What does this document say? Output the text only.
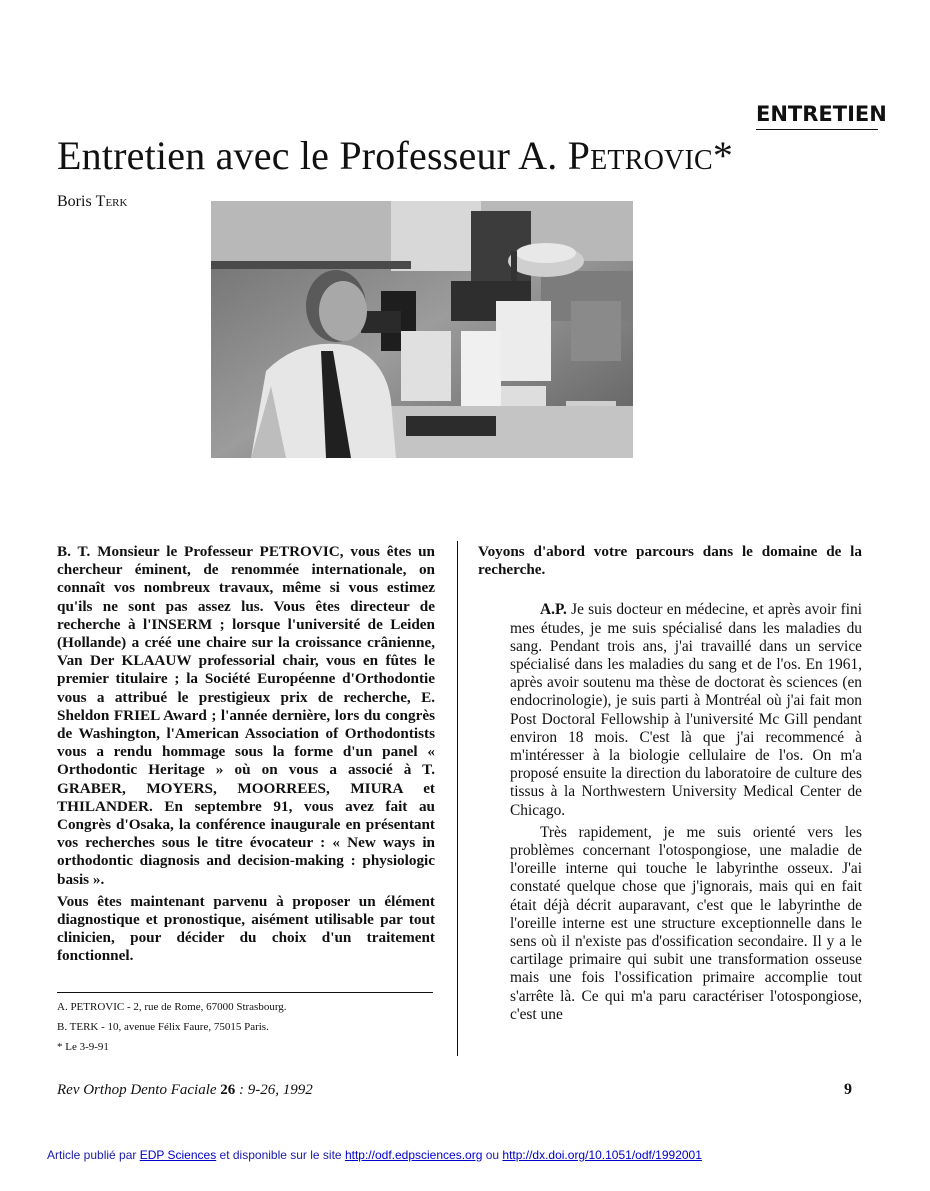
ENTRETIEN
Entretien avec le Professeur A. Petrovic*
Boris Terk

B. T. Monsieur le Professeur PETROVIC, vous êtes un chercheur éminent, de renommée internationale, on connaît vos nombreux travaux, même si vous estimez qu'ils ne sont pas assez lus. Vous êtes directeur de recherche à l'INSERM ; lorsque l'université de Leiden (Hollande) a créé une chaire sur la croissance crânienne, Van Der KLAAUW professorial chair, vous en fûtes le premier titulaire ; la Société Européenne d'Orthodontie vous a attribué le prestigieux prix de recherche, E. Sheldon FRIEL Award ; l'année dernière, lors du congrès de Washington, l'American Association of Orthodontists vous a rendu hommage sous la forme d'un panel « Orthodontic Heritage » où on vous a associé à T. GRABER, MOYERS, MOORREES, MIURA et THILANDER. En septembre 91, vous avez fait au Congrès d'Osaka, la conférence inaugurale en présentant vos recherches sous le titre évocateur : « New ways in orthodontic diagnosis and decision-making : physiologic basis ».

Vous êtes maintenant parvenu à proposer un élément diagnostique et pronostique, aisément utilisable par tout clinicien, pour décider du choix d'un traitement fonctionnel.

Voyons d'abord votre parcours dans le domaine de la recherche.

A.P. Je suis docteur en médecine, et après avoir fini mes études, je me suis spécialisé dans les maladies du sang. Pendant trois ans, j'ai travaillé dans un service spécialisé dans les maladies du sang et de l'os. En 1961, après avoir soutenu ma thèse de doctorat ès sciences (en endocrinologie), je suis parti à Montréal où j'ai fait mon Post Doctoral Fellowship à l'université Mc Gill pendant environ 18 mois. C'est là que j'ai recommencé à m'intéresser à la biologie cellulaire de l'os. On m'a proposé ensuite la direction du laboratoire de culture des tissus à la Northwestern University Medical Center de Chicago.

Très rapidement, je me suis orienté vers les problèmes concernant l'otospongiose, une maladie de l'oreille interne qui touche le labyrinthe osseux. J'ai constaté quelque chose que j'ignorais, mais qui en fait était déjà décrit auparavant, c'est que le labyrinthe de l'oreille interne est une structure exceptionnelle dans le sens où il n'existe pas d'ossification secondaire. Il y a le cartilage primaire qui subit une transformation osseuse mais une fois l'ossification primaire accomplie tout s'arrête là. Ce qui m'a paru caractériser l'otospongiose, c'est une

A. PETROVIC - 2, rue de Rome, 67000 Strasbourg.
B. TERK - 10, avenue Félix Faure, 75015 Paris.
* Le 3-9-91
Rev Orthop Dento Faciale 26 : 9-26, 1992	9
Article publié par EDP Sciences et disponible sur le site http://odf.edpsciences.org ou http://dx.doi.org/10.1051/odf/1992001
